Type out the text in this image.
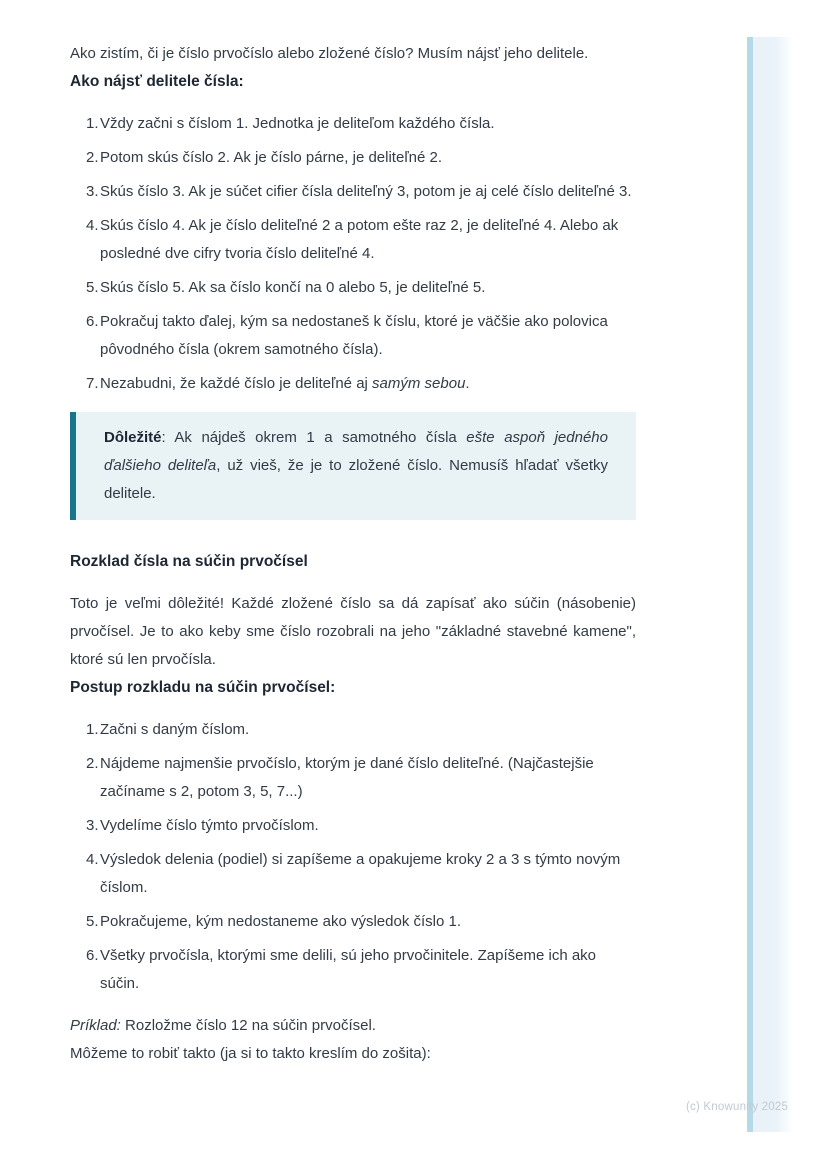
(c) Knowunity 2025

Ako zistím, či je číslo prvočíslo alebo zložené číslo? Musím nájsť jeho delitele.

Ako nájsť delitele čísla:
1. Vždy začni s číslom 1. Jednotka je deliteľom každého čísla.
2. Potom skús číslo 2. Ak je číslo párne, je deliteľné 2.
3. Skús číslo 3. Ak je súčet cifier čísla deliteľný 3, potom je aj celé číslo deliteľné 3.
4. Skús číslo 4. Ak je číslo deliteľné 2 a potom ešte raz 2, je deliteľné 4. Alebo ak posledné dve cifry tvoria číslo deliteľné 4.
5. Skús číslo 5. Ak sa číslo končí na 0 alebo 5, je deliteľné 5.
6. Pokračuj takto ďalej, kým sa nedostaneš k číslu, ktoré je väčšie ako polovica pôvodného čísla (okrem samotného čísla).
7. Nezabudni, že každé číslo je deliteľné aj samým sebou.

Dôležité: Ak nájdeš okrem 1 a samotného čísla ešte aspoň jedného ďalšieho deliteľa, už vieš, že je to zložené číslo. Nemusíš hľadať všetky delitele.

Rozklad čísla na súčin prvočísel

Toto je veľmi dôležité! Každé zložené číslo sa dá zapísať ako súčin (násobenie) prvočísel. Je to ako keby sme číslo rozobrali na jeho "základné stavebné kamene", ktoré sú len prvočísla.

Postup rozkladu na súčin prvočísel:
1. Začni s daným číslom.
2. Nájdeme najmenšie prvočíslo, ktorým je dané číslo deliteľné. (Najčastejšie začíname s 2, potom 3, 5, 7...)
3. Vydelíme číslo týmto prvočíslom.
4. Výsledok delenia (podiel) si zapíšeme a opakujeme kroky 2 a 3 s týmto novým číslom.
5. Pokračujeme, kým nedostaneme ako výsledok číslo 1.
6. Všetky prvočísla, ktorými sme delili, sú jeho prvočinitele. Zapíšeme ich ako súčin.

Príklad: Rozložme číslo 12 na súčin prvočísel.

Môžeme to robiť takto (ja si to takto kreslím do zošita):
